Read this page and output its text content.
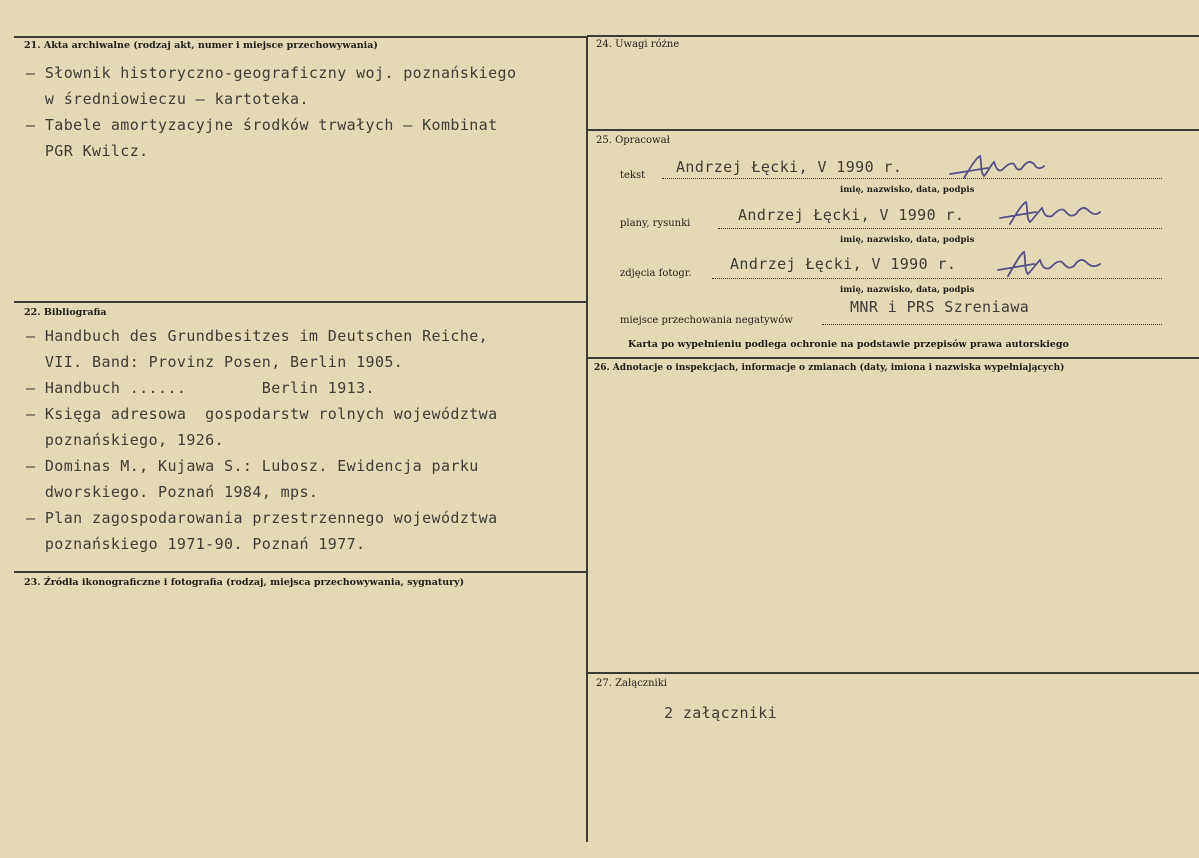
21. Akta archiwalne (rodzaj akt, numer i miejsce przechowywania)
– Słownik historyczno-geograficzny woj. poznańskiego
w średniowieczu – kartoteka.
– Tabele amortyzacyjne środków trwałych – Kombinat
PGR Kwilcz.
22. Bibliografia
– Handbuch des Grundbesitzes im Deutschen Reiche,
VII. Band: Provinz Posen, Berlin 1905.
– Handbuch ......        Berlin 1913.
– Księga adresowa  gospodarstw rolnych województwa
poznańskiego, 1926.
– Dominas M., Kujawa S.: Lubosz. Ewidencja parku
dworskiego. Poznań 1984, mps.
– Plan zagospodarowania przestrzennego województwa
poznańskiego 1971-90. Poznań 1977.
23. Źródła ikonograficzne i fotografia (rodzaj, miejsca przechowywania, sygnatury)
24. Uwagi różne
25. Opracował
tekst Andrzej Łęcki, V 1990 r.
imię, nazwisko, data, podpis
plany, rysunki	Andrzej Łęcki, V 1990 r.
imię, nazwisko, data, podpis
zdjęcia fotogr.
Andrzej Łęcki, V 1990 r.
imię, nazwisko, data, podpis
miejsce przechowania negatywów
MNR i PRS Szreniawa
Karta po wypełnieniu podlega ochronie na podstawie przepisów prawa autorskiego
26. Adnotacje o inspekcjach, informacje o zmianach (daty, imiona i nazwiska wypełniających)
27. Załączniki
2 załączniki
